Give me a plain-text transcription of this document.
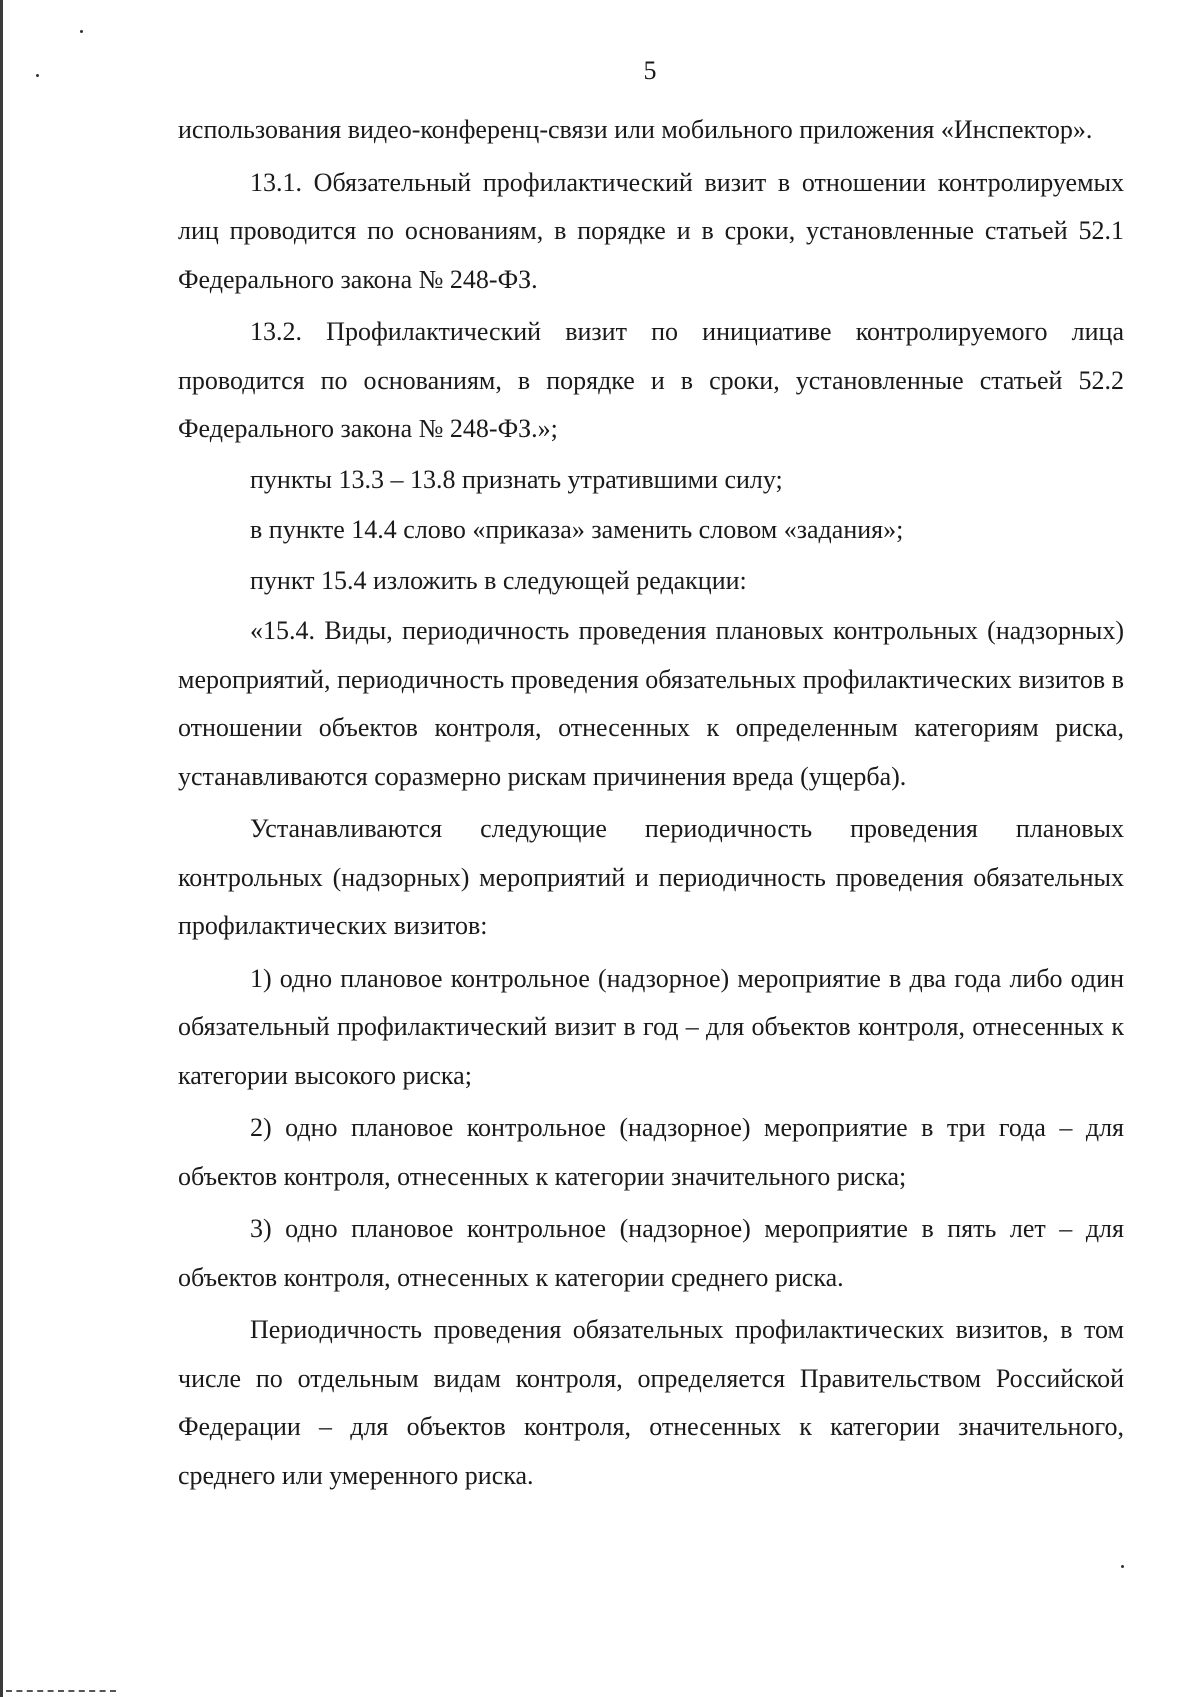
5

использования видео-конференц-связи или мобильного приложения «Инспектор».

13.1. Обязательный профилактический визит в отношении контролируемых лиц проводится по основаниям, в порядке и в сроки, установленные статьей 52.1 Федерального закона № 248-ФЗ.

13.2. Профилактический визит по инициативе контролируемого лица проводится по основаниям, в порядке и в сроки, установленные статьей 52.2 Федерального закона № 248-ФЗ.»;

пункты 13.3 – 13.8 признать утратившими силу;

в пункте 14.4 слово «приказа» заменить словом «задания»;

пункт 15.4 изложить в следующей редакции:

«15.4. Виды, периодичность проведения плановых контрольных (надзорных) мероприятий, периодичность проведения обязательных профилактических визитов в отношении объектов контроля, отнесенных к определенным категориям риска, устанавливаются соразмерно рискам причинения вреда (ущерба).

Устанавливаются следующие периодичность проведения плановых контрольных (надзорных) мероприятий и периодичность проведения обязательных профилактических визитов:

1) одно плановое контрольное (надзорное) мероприятие в два года либо один обязательный профилактический визит в год – для объектов контроля, отнесенных к категории высокого риска;

2) одно плановое контрольное (надзорное) мероприятие в три года – для объектов контроля, отнесенных к категории значительного риска;

3) одно плановое контрольное (надзорное) мероприятие в пять лет – для объектов контроля, отнесенных к категории среднего риска.

Периодичность проведения обязательных профилактических визитов, в том числе по отдельным видам контроля, определяется Правительством Российской Федерации – для объектов контроля, отнесенных к категории значительного, среднего или умеренного риска.
